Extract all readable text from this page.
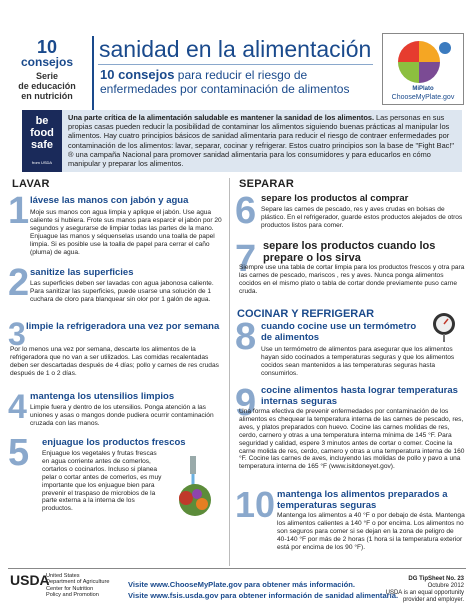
10
consejos
Serie
de educación
en nutrición
sanidad en la alimentación
10 consejos para reducir el riesgo de enfermedades por contaminación de alimentos	MiPlato
ChooseMyPlate.gov
be
food
safe
from USDA
Una parte crítica de la alimentación saludable es mantener la sanidad de los alimentos. Las personas en sus propias casas pueden reducir la posibilidad de contaminar los alimentos siguiendo buenas prácticas al manipular los alimentos. Hay cuatro principios básicos de sanidad alimentaria para reducir el riesgo de contraer enfermedades por contaminación de los alimentos: lavar, separar, cocinar y refrigerar. Estos cuatro principios son la base de "Fight Bac!" ® una campaña Nacional para promover sanidad alimentaria para los consumidores y para educarlos en cómo manipular y preparar los alimentos.
LAVAR
1 lávese las manos con jabón y agua
Moje sus manos con agua limpia y aplique el jabón. Use agua caliente si hubiera. Frote sus manos para esparcir el jabón por 20 segundos y asegurarse de limpiar todas las partes de la mano. Enjuague las manos y séquenselas usando una toalla de papel limpia. Si es posible use la toalla de papel para cerrar el caño (pluma) de agua.
2 sanitize las superficies
Las superficies deben ser lavadas con agua jabonosa caliente. Para sanitizar las superficies, puede usarse una solución de 1 cuchara de cloro para blanquear sin olor por 1 galón de agua.
3 limpie la refrigeradora una vez por semana
Por lo menos una vez por semana, descarte los alimentos de la refrigeradora que no van a ser utilizados. Las comidas recalentadas deben ser descartadas después de 4 días; pollo y carnes de res crudas después de 1 o 2 días.
4 mantenga los utensilios limpios
Limpie fuera y dentro de los utensilios. Ponga atención a las uniones y asas o mangos donde pudiera ocurrir contaminación cruzada con las manos.
5 enjuague los productos frescos
Enjuague los vegetales y frutas frescas en agua corriente antes de comerlos, cortarlos o cocinarlos. Incluso si planea pelar o cortar antes de comerlos, es muy importante que los enjuague bien para prevenir el traspaso de microbios de la parte externa a la interna de los productos.
SEPARAR
6 separe los productos al comprar
Separe las carnes de pescado, res y aves crudas en bolsas de plástico. En el refrigerador, guarde estos productos alejados de otros productos listos para comer.
7 separe los productos cuando los prepare o los sirva
Siempre use una tabla de cortar limpia para los productos frescos y otra para las carnes de pescado, mariscos , res y aves. Nunca ponga alimentos cocidos en el mismo plato o tabla de cortar donde previamente puso carne cruda.
COCINAR Y REFRIGERAR
8 cuando cocine use un termómetro de alimentos
Use un termómetro de alimentos para asegurar que los alimentos hayan sido cocinados a temperaturas seguras y que los alimentos cocidos sean mantenidos a las temperaturas seguras hasta consumirlos.
9 cocine alimentos hasta lograr temperaturas internas seguras
Una forma efectiva de prevenir enfermedades por contaminación de los alimentos es chequear la temperatura interna de las carnes de pescado, res, aves, y platos preparados con huevo. Cocine las carnes molidas de res, cerdo, carnero y otras a una temperatura interna mínima de 145 °F. Para seguridad y calidad, espere 3 minutos antes de cortar o comer. Cocine la carne molida de res, cerdo, carnero y otras a una temperatura interna de 160 °F. Cocine las carnes de aves, incluyendo las molidas de pollo y pavo a una temperatura interna de 165 °F (www.isitdoneyet.gov).
10 mantenga los alimentos preparados a temperaturas seguras
Mantenga los alimentos a 40 °F o por debajo de ésta. Mantenga los alimentos calientes a 140 °F o por encima. Los alimentos no son seguros para comer si se dejan en la zona de peligro de 40-140 °F por más de 2 horas (1 hora si la temperatura exterior está por encima de los 90 °F).
USDA
United States
Department of Agriculture
Center for Nutrition
Policy and Promotion
Visite www.ChooseMyPlate.gov para obtener más información.
Visite www.fsis.usda.gov para obtener información de sanidad alimentaria.
DG TipSheet No. 23
Octubre 2012
USDA is an equal opportunity
provider and employer.
